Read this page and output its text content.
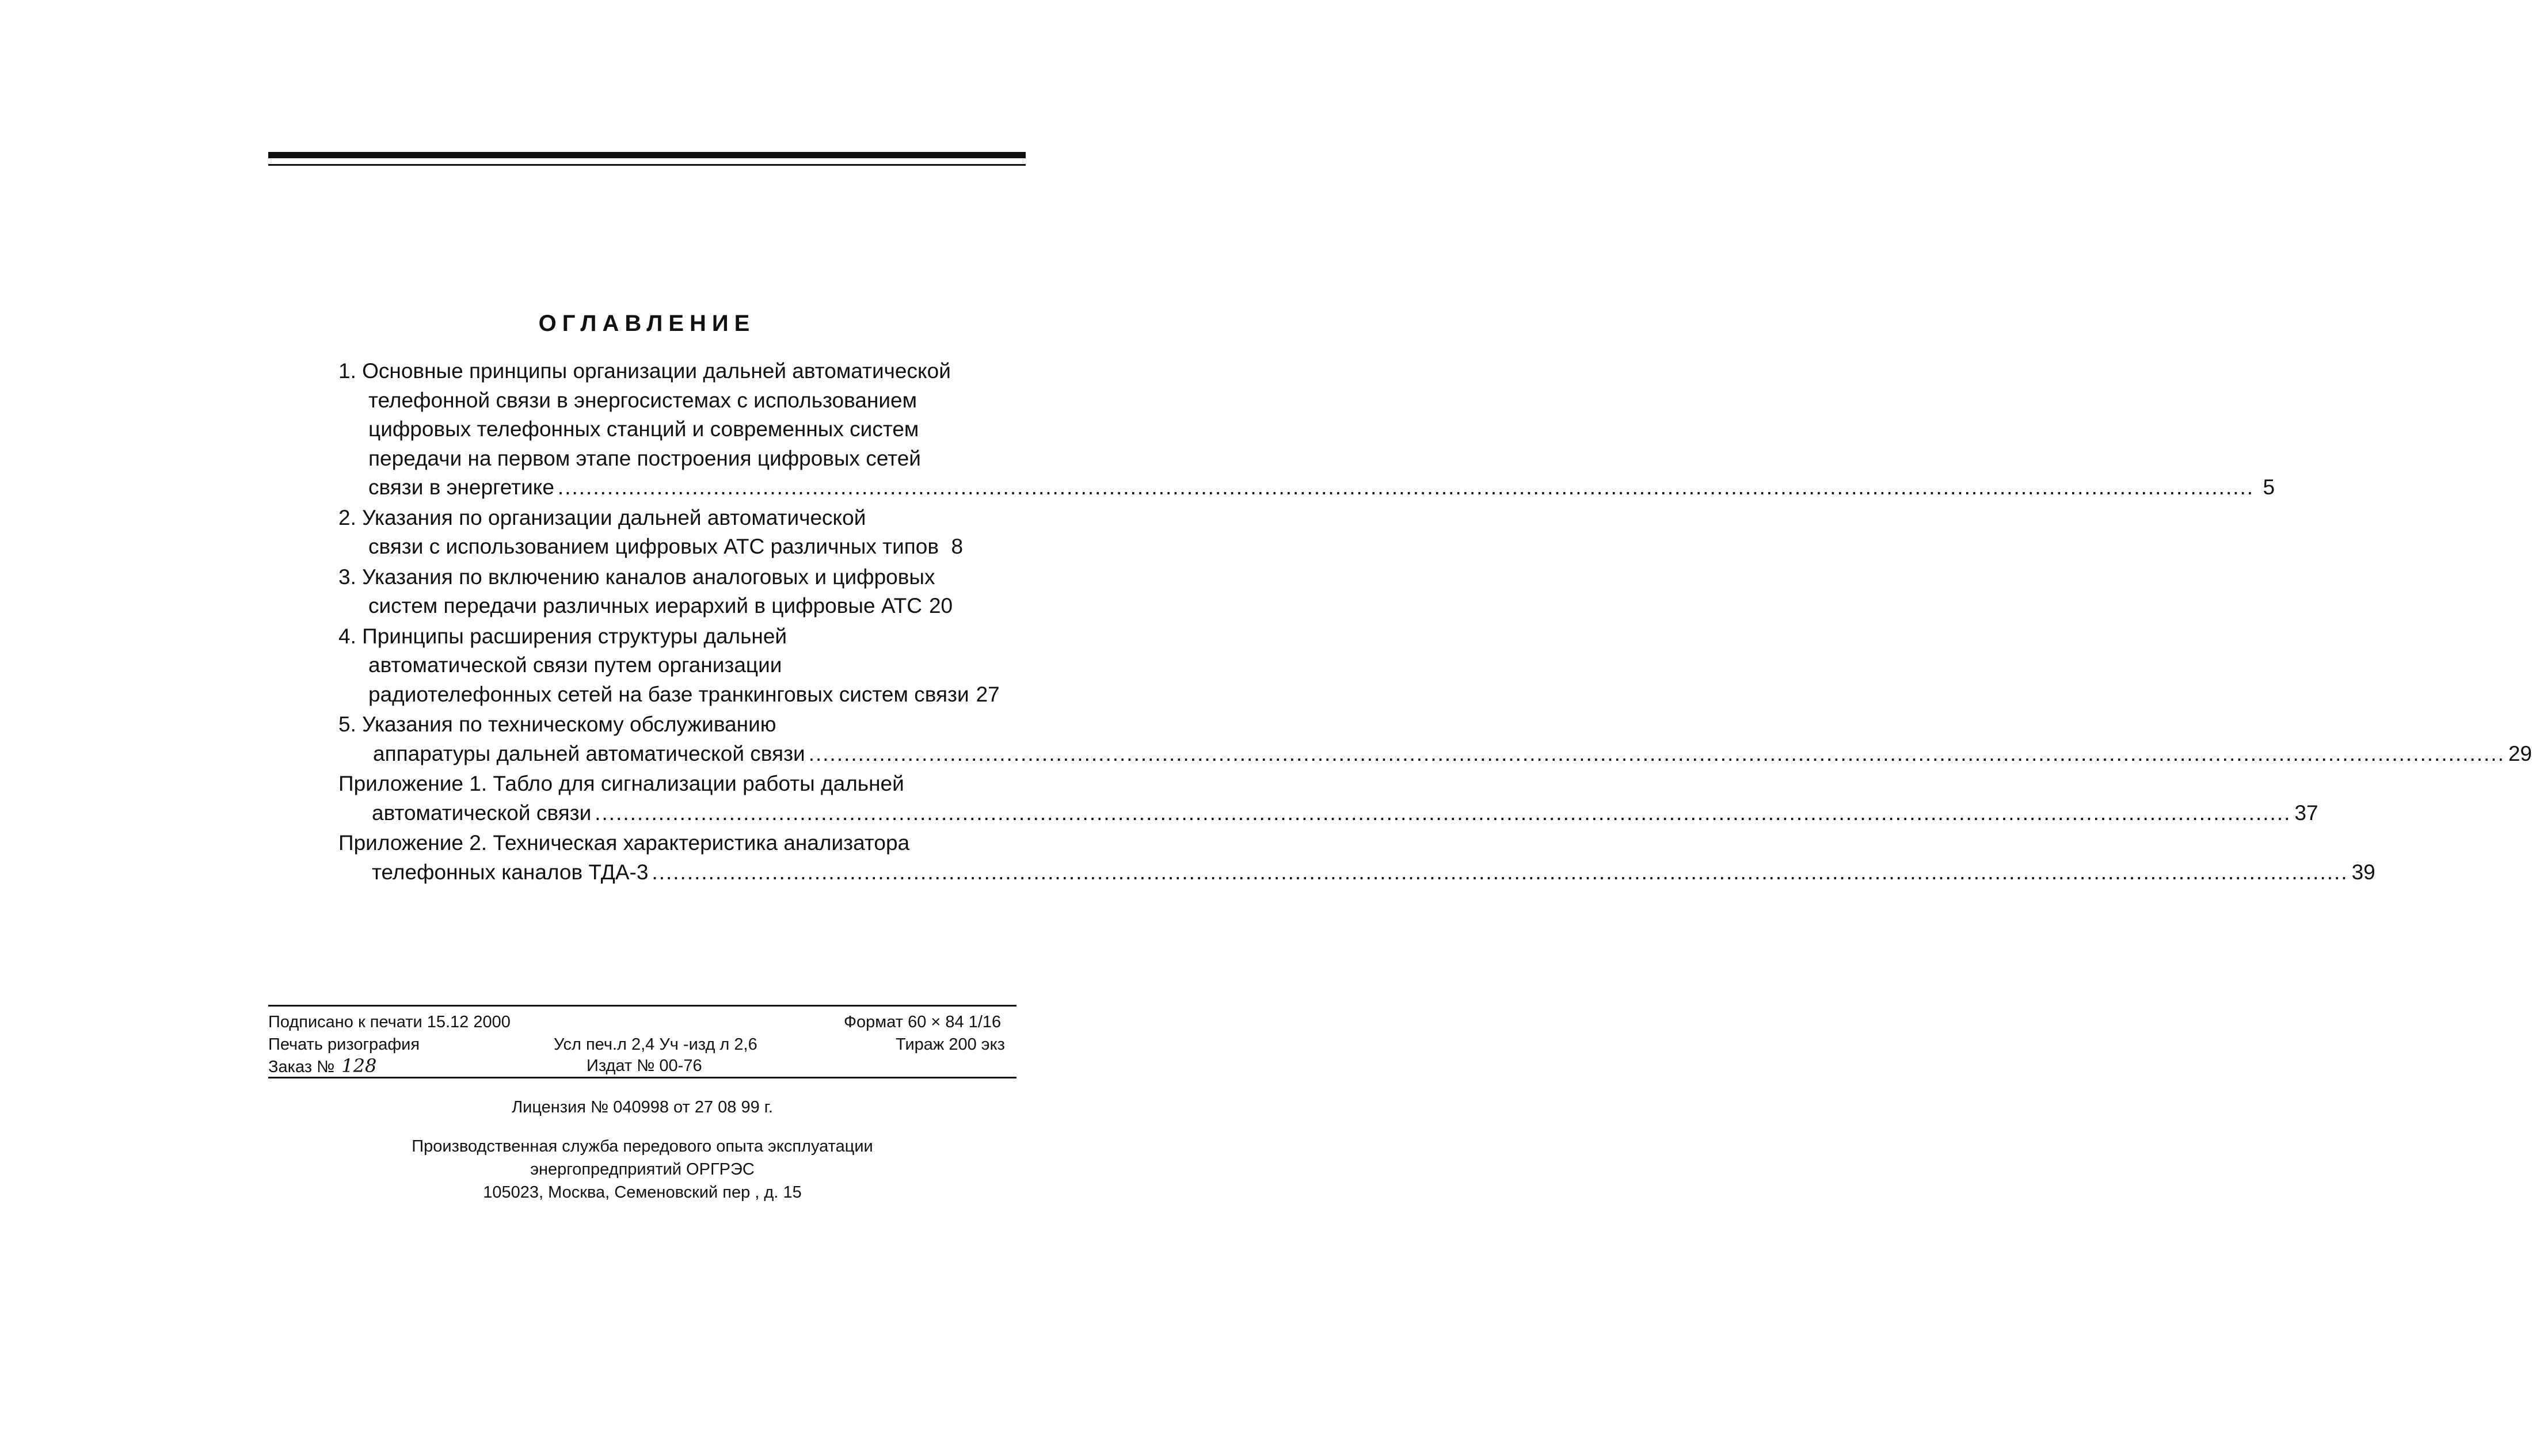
ОГЛАВЛЕНИЕ
1. Основные принципы организации дальней автоматической
телефонной связи в энергосистемах с использованием
цифровых телефонных станций и современных систем
передачи на первом этапе построения цифровых сетей
связи в энергетике .....	5
2. Указания по организации дальней автоматической
связи с использованием цифровых АТС различных типов 8
3. Указания по включению каналов аналоговых и цифровых
систем передачи различных иерархий в цифровые АТС 20
4. Принципы расширения структуры дальней
автоматической связи путем организации
радиотелефонных сетей на базе транкинговых систем связи 27
5. Указания по техническому обслуживанию
аппаратуры дальней автоматической связи .....	29
Приложение 1. Табло для сигнализации работы дальней
автоматической связи .....	37
Приложение 2. Техническая характеристика анализатора
телефонных каналов ТДА-3 .....	39
Подписано к печати 15.12 2000	Формат 60 × 84 1/16
Печать ризография	Усл печ.л 2,4 Уч -изд л 2,6	Тираж 200 экз
Заказ № 128	Издат № 00-76
Лицензия № 040998 от 27 08 99 г.
Производственная служба передового опыта эксплуатации
энергопредприятий ОРГРЭС
105023, Москва, Семеновский пер , д. 15
